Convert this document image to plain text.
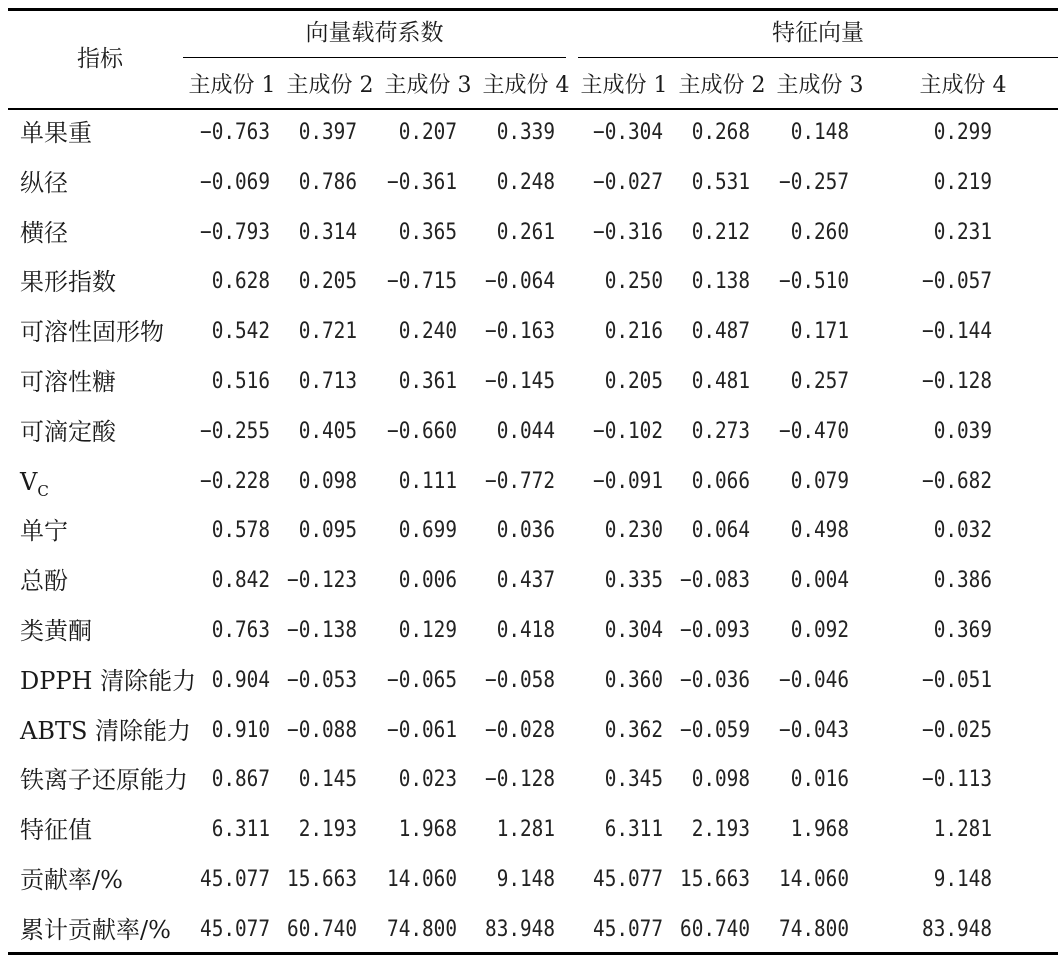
指标
向量载荷系数	特征向量
主成份 1 主成份 2 主成份 3 主成份 4 主成份 1 主成份 2 主成份 3	主成份 4
单果重	−0.763	0.397	0.207	0.339	−0.304	0.268	0.148	0.299
纵径	−0.069	0.786	−0.361	0.248	−0.027	0.531	−0.257	0.219
横径	−0.793	0.314	0.365	0.261	−0.316	0.212	0.260	0.231
果形指数	0.628	0.205	−0.715	−0.064	0.250	0.138	−0.510	−0.057
可溶性固形物	0.542	0.721	0.240	−0.163	0.216	0.487	0.171	−0.144
可溶性糖	0.516	0.713	0.361	−0.145	0.205	0.481	0.257	−0.128
可滴定酸	−0.255	0.405	−0.660	0.044	−0.102	0.273	−0.470	0.039
$V_C$	−0.228	0.098	0.111	−0.772	−0.091	0.066	0.079	−0.682
单宁	0.578	0.095	0.699	0.036	0.230	0.064	0.498	0.032
总酚	0.842 −0.123	0.006	0.437	0.335 −0.083	0.004	0.386
类黄酮	0.763 −0.138	0.129	0.418	0.304 −0.093	0.092	0.369
DPPH 清除能力 0.904 −0.053	−0.065	−0.058	0.360 −0.036	−0.046	−0.051
ABTS 清除能力 0.910 −0.088	−0.061	−0.028	0.362 −0.059	−0.043	−0.025
铁离子还原能力	0.867	0.145	0.023	−0.128	0.345	0.098	0.016	−0.113
特征值	6.311	2.193	1.968	1.281	6.311	2.193	1.968	1.281
贡献率/%	45.077 15.663	14.060	9.148	45.077 15.663	14.060	9.148
累计贡献率/%	45.077 60.740	74.800	83.948	45.077 60.740	74.800	83.948
